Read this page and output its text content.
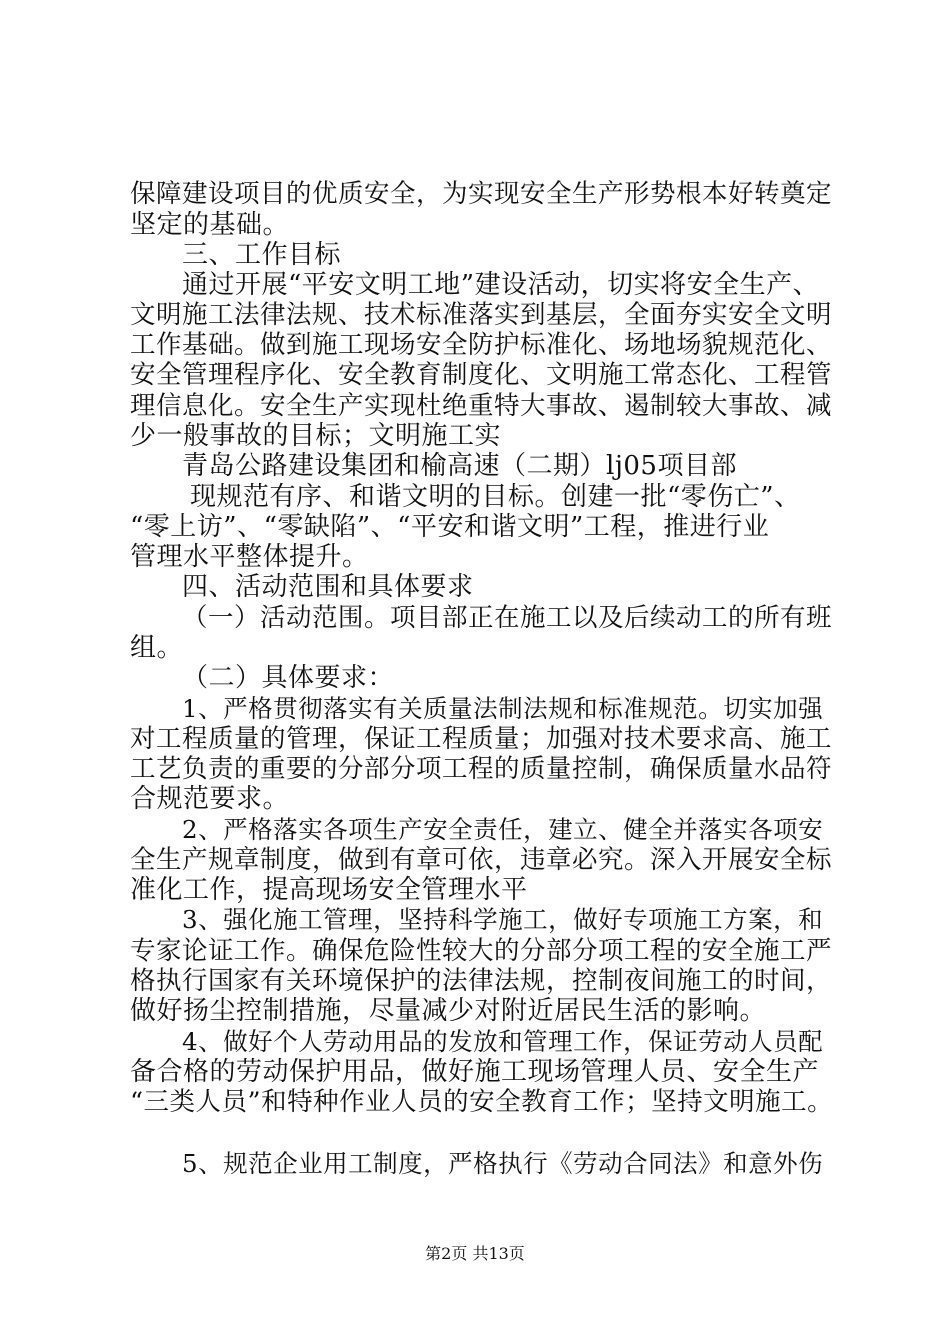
保障建设项目的优质安全，为实现安全生产形势根本好转奠定
坚定的基础。
三、工作目标
通过开展“平安文明工地”建设活动，切实将安全生产、
文明施工法律法规、技术标准落实到基层，全面夯实安全文明
工作基础。做到施工现场安全防护标准化、场地场貌规范化、
安全管理程序化、安全教育制度化、文明施工常态化、工程管
理信息化。安全生产实现杜绝重特大事故、遏制较大事故、减
少一般事故的目标；文明施工实
青岛公路建设集团和榆高速（二期）lj05项目部
现规范有序、和谐文明的目标。创建一批“零伤亡”、
“零上访”、“零缺陷”、“平安和谐文明”工程，推进行业
管理水平整体提升。
四、活动范围和具体要求
（一）活动范围。项目部正在施工以及后续动工的所有班
组。
（二）具体要求：
1、严格贯彻落实有关质量法制法规和标准规范。切实加强
对工程质量的管理，保证工程质量；加强对技术要求高、施工
工艺负责的重要的分部分项工程的质量控制，确保质量水品符
合规范要求。
2、严格落实各项生产安全责任，建立、健全并落实各项安
全生产规章制度，做到有章可依，违章必究。深入开展安全标
准化工作，提高现场安全管理水平
3、强化施工管理，坚持科学施工，做好专项施工方案，和
专家论证工作。确保危险性较大的分部分项工程的安全施工严
格执行国家有关环境保护的法律法规，控制夜间施工的时间，
做好扬尘控制措施，尽量减少对附近居民生活的影响。
4、做好个人劳动用品的发放和管理工作，保证劳动人员配
备合格的劳动保护用品，做好施工现场管理人员、安全生产
“三类人员”和特种作业人员的安全教育工作；坚持文明施工。
5、规范企业用工制度，严格执行《劳动合同法》和意外伤
第2页 共13页
